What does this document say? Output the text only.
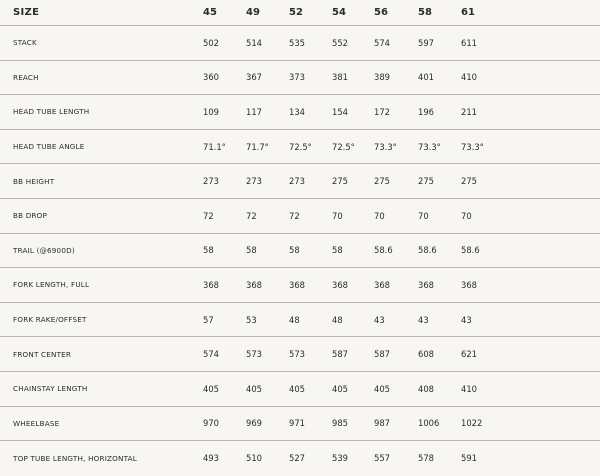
SIZE	45	49	52	54	56	58	61
STACK	502	514	535	552	574	597	611
REACH	360	367	373	381	389	401	410
HEAD TUBE LENGTH	109	117	134	154	172	196	211
HEAD TUBE ANGLE	71.1° 71.7° 72.5° 72.5° 73.3°	73.3° 73.3°
BB HEIGHT	273	273	273	275	275	275	275
BB DROP	72	72	72	70	70	70	70
TRAIL (@6900D)	58	58	58	58	58.6	58.6	58.6
FORK LENGTH, FULL	368	368	368	368	368	368	368
FORK RAKE/OFFSET	57	53	48	48	43	43	43
FRONT CENTER	574	573	573	587	587	608	621
CHAINSTAY LENGTH	405	405	405	405	405	408	410
WHEELBASE	970	969	971	985	987	1006	1022
TOP TUBE LENGTH, HORIZONTAL	493	510	527	539	557	578	591
